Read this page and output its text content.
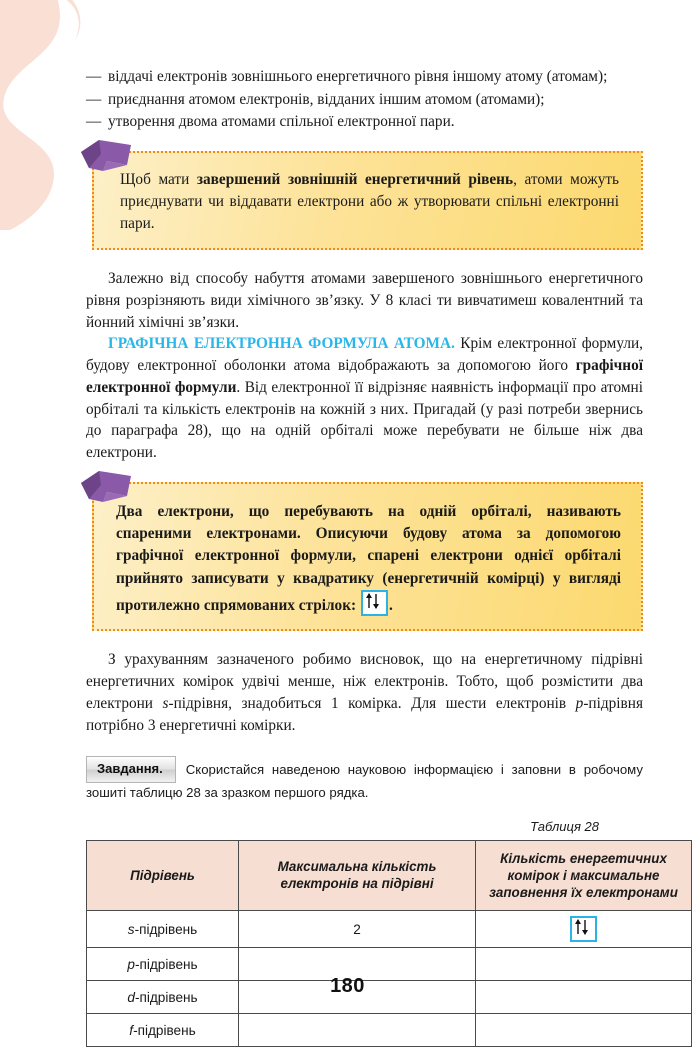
— віддачі електронів зовнішнього енергетичного рівня іншому атому (атомам);
— приєднання атомом електронів, відданих іншим атомом (атомами);
— утворення двома атомами спільної електронної пари.
Щоб мати завершений зовнішній енергетичний рівень, атоми можуть приєднувати чи віддавати електрони або ж утворювати спільні електронні пари.

Залежно від способу набуття атомами завершеного зовнішнього енергетичного рівня розрізняють види хімічного зв’язку. У 8 класі ти вивчатимеш ковалентний та йонний хімічні зв’язки.

ГРАФІЧНА ЕЛЕКТРОННА ФОРМУЛА АТОМА. Крім електронної формули, будову електронної оболонки атома відображають за допомогою його графічної електронної формули. Від електронної її відрізняє наявність інформації про атомні орбіталі та кількість електронів на кожній з них. Пригадай (у разі потреби звернись до параграфа 28), що на одній орбіталі може перебувати не більше ніж два електрони.

Два електрони, що перебувають на одній орбіталі, називають спареними електронами. Описуючи будову атома за допомогою графічної електронної формули, спарені електрони однієї орбіталі прийнято записувати у квадратику (енергетичній комірці) у вигляді протилежно спрямованих стрілок: .

З урахуванням зазначеного робимо висновок, що на енергетичному підрівні енергетичних комірок удвічі менше, ніж електронів. Тобто, щоб розмістити два електрони s-підрівня, знадобиться 1 комірка. Для шести електронів p-підрівня потрібно 3 енергетичні комірки.

Завдання. Скористайся наведеною науковою інформацією і заповни в робочому зошиті таблицю 28 за зразком першого рядка.
Таблиця 28
Підрівень	Максимальна кількість електронів на підрівні	Кількість енергетичних комірок і максимальне заповнення їх електронами
s-підрівень	2	

p-підрівень		
d-підрівень		
f-підрівень		
180
